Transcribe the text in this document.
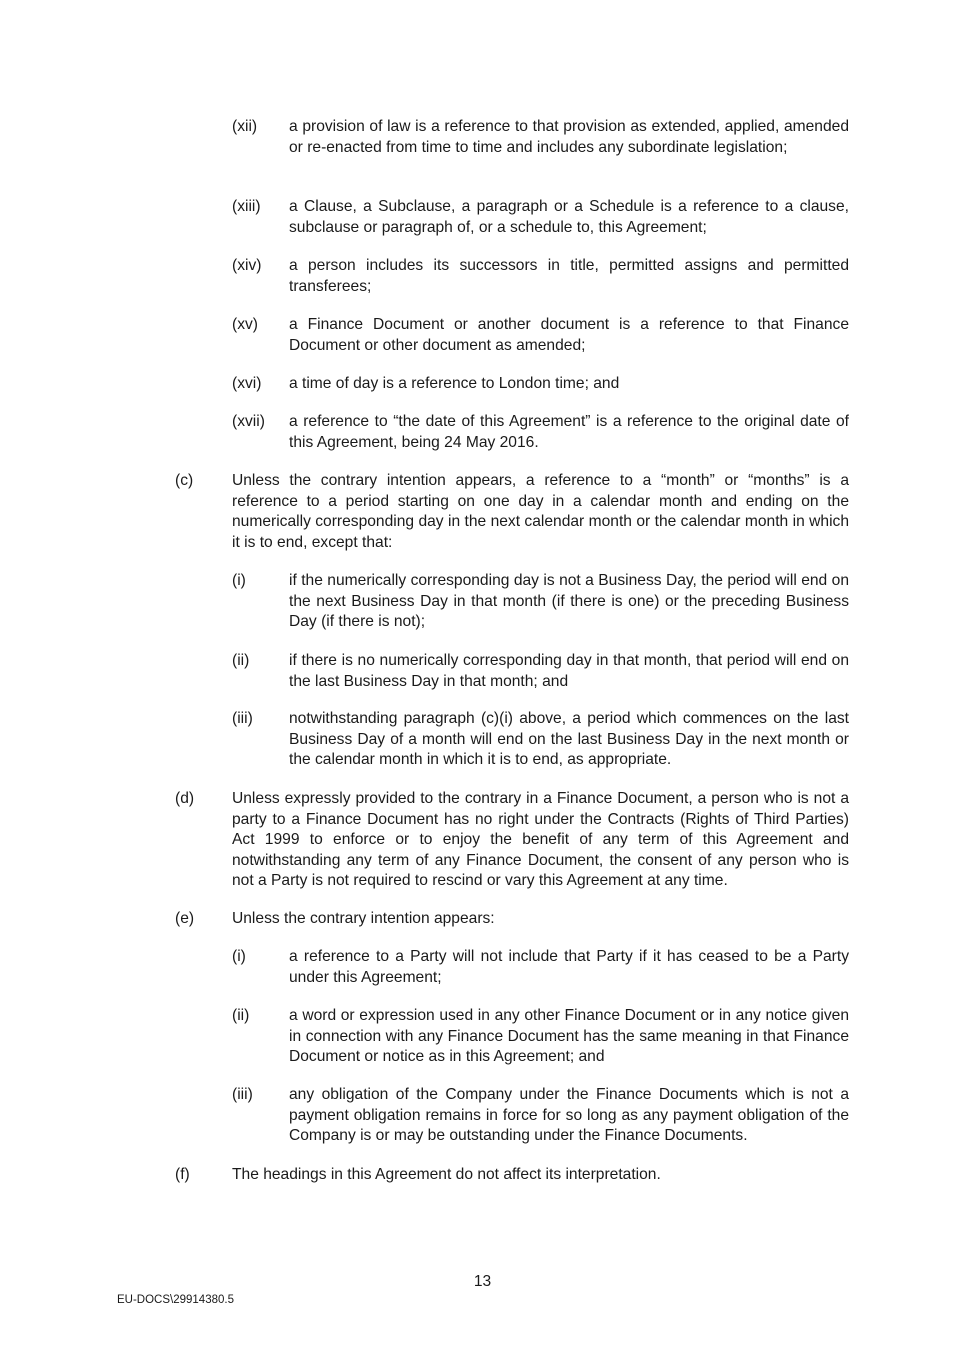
(xii)	a provision of law is a reference to that provision as extended, applied, amended or re-enacted from time to time and includes any subordinate legislation;
(xiii)	a Clause, a Subclause, a paragraph or a Schedule is a reference to a clause, subclause or paragraph of, or a schedule to, this Agreement;
(xiv)	a person includes its successors in title, permitted assigns and permitted transferees;
(xv)	a Finance Document or another document is a reference to that Finance Document or other document as amended;
(xvi)	a time of day is a reference to London time; and
(xvii)	a reference to “the date of this Agreement” is a reference to the original date of this Agreement, being 24 May 2016.
(c)	Unless the contrary intention appears, a reference to a “month” or “months” is a reference to a period starting on one day in a calendar month and ending on the numerically corresponding day in the next calendar month or the calendar month in which it is to end, except that:
(i)	if the numerically corresponding day is not a Business Day, the period will end on the next Business Day in that month (if there is one) or the preceding Business Day (if there is not);
(ii)	if there is no numerically corresponding day in that month, that period will end on the last Business Day in that month; and
(iii)	notwithstanding paragraph (c)(i) above, a period which commences on the last Business Day of a month will end on the last Business Day in the next month or the calendar month in which it is to end, as appropriate.
(d)	Unless expressly provided to the contrary in a Finance Document, a person who is not a party to a Finance Document has no right under the Contracts (Rights of Third Parties) Act 1999 to enforce or to enjoy the benefit of any term of this Agreement and notwithstanding any term of any Finance Document, the consent of any person who is not a Party is not required to rescind or vary this Agreement at any time.
(e)	Unless the contrary intention appears:
(i)	a reference to a Party will not include that Party if it has ceased to be a Party under this Agreement;
(ii)	a word or expression used in any other Finance Document or in any notice given in connection with any Finance Document has the same meaning in that Finance Document or notice as in this Agreement; and
(iii)	any obligation of the Company under the Finance Documents which is not a payment obligation remains in force for so long as any payment obligation of the Company is or may be outstanding under the Finance Documents.
(f)	The headings in this Agreement do not affect its interpretation.
13
EU-DOCS\29914380.5
